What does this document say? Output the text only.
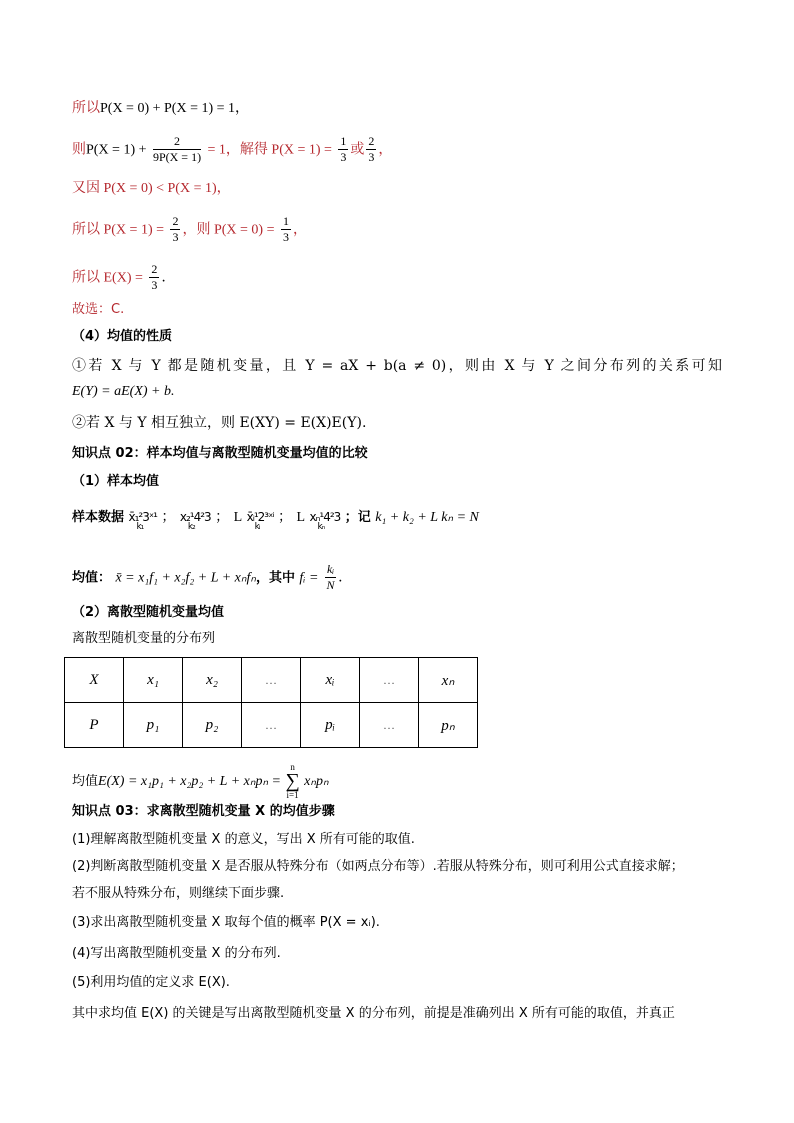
所以P(X = 0) + P(X = 1) = 1，
则$P(X = 1) + \frac{2}{9P(X = 1)} = 1$，解得 $P(X = 1) = \frac{1}{3}$ 或 $\frac{2}{3}$ ，
又因 P(X = 0) < P(X = 1)，
所以 $P(X = 1) = \frac{2}{3}$ ，则 $P(X = 0) = \frac{1}{3}$ ，
所以 $E(X) = \frac{2}{3}$ .
故选：C.
（4）均值的性质
①若 X 与 Y 都是随机变量，且 Y = aX + b(a ≠ 0)，则由 X 与 Y 之间分布列的关系可知
E(Y) = aE(X) + b.
②若 X 与 Y 相互独立，则 E(XY) = E(X)E(Y).
知识点 02：样本均值与离散型随机变量均值的比较
（1）样本均值
样本数据 x̄₁²3ˣ¹
k₁
； x₂¹4²3
k₂
； L x̄ᵢ¹2³ˣⁱ
kᵢ
； L xₙ¹4²3
kₙ
；记 k₁ + k₂ + L kₙ = N
均值： x̄ = x₁f₁ + x₂f₂ + L + xₙfₙ，其中 fᵢ = $\frac{\text{kᵢ}}{N}$ .
（2）离散型随机变量均值
离散型随机变量的分布列
X	x₁	x₂	…	xᵢ	…	xₙ
P	p₁	p₂	…	pᵢ	…	pₙ
均值E(X) = x₁p₁ + x₂p₂ + L + xₙpₙ = n
∑
i=1 xₙpₙ
知识点 03：求离散型随机变量 X 的均值步骤
(1)理解离散型随机变量 X 的意义，写出 X 所有可能的取值.
(2)判断离散型随机变量 X 是否服从特殊分布（如两点分布等）.若服从特殊分布，则可利用公式直接求解；
若不服从特殊分布，则继续下面步骤.
(3)求出离散型随机变量 X 取每个值的概率 P(X = xᵢ).
(4)写出离散型随机变量 X 的分布列.
(5)利用均值的定义求 E(X).
其中求均值 E(X) 的关键是写出离散型随机变量 X 的分布列，前提是准确列出 X 所有可能的取值，并真正
